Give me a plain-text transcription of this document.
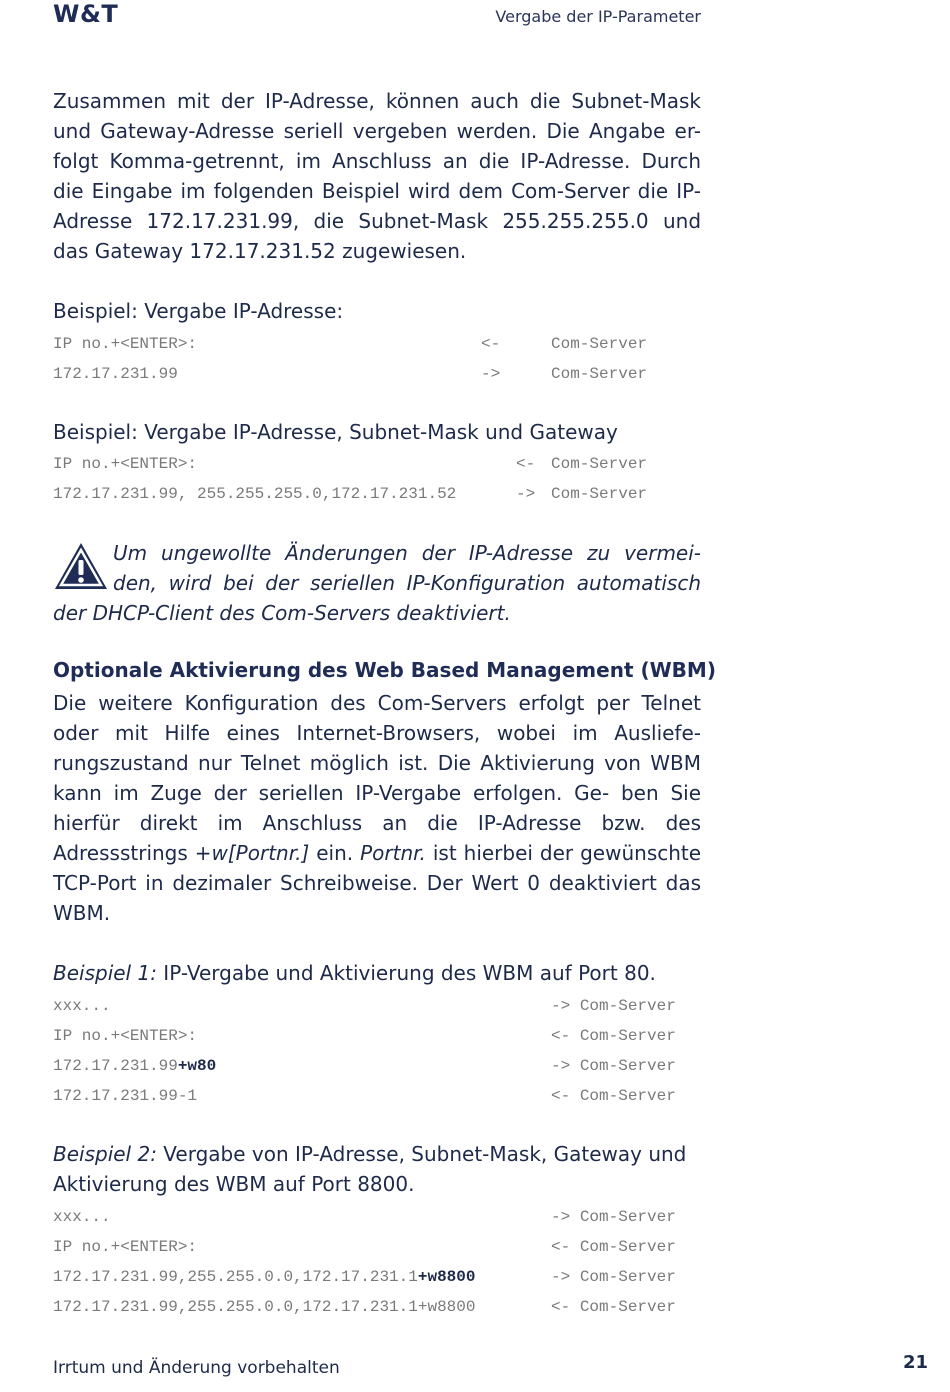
W&T	Vergabe der IP-Parameter
Zusammen mit der IP-Adresse, können auch die Subnet-Mask und Gateway-Adresse seriell vergeben werden. Die Angabe er- folgt Komma-getrennt, im Anschluss an die IP-Adresse. Durch die Eingabe im folgenden Beispiel wird dem Com-Server die IP-Adresse 172.17.231.99, die Subnet-Mask 255.255.255.0 und das Gateway 172.17.231.52 zugewiesen.
Beispiel: Vergabe IP-Adresse:
IP no.+<ENTER>:	<-	Com-Server
172.17.231.99	->	Com-Server
Beispiel: Vergabe IP-Adresse, Subnet-Mask und Gateway
IP no.+<ENTER>:	<- Com-Server
172.17.231.99, 255.255.255.0,172.17.231.52	-> Com-Server
Um ungewollte Änderungen der IP-Adresse zu vermei-
den, wird bei der seriellen IP-Konfiguration automatisch
der DHCP-Client des Com-Servers deaktiviert.
Optionale Aktivierung des Web Based Management (WBM)
Die weitere Konfiguration des Com-Servers erfolgt per Telnet oder mit Hilfe eines Internet-Browsers, wobei im Ausliefe- rungszustand nur Telnet möglich ist. Die Aktivierung von WBM kann im Zuge der seriellen IP-Vergabe erfolgen. Ge- ben Sie hierfür direkt im Anschluss an die IP-Adresse bzw. des Adressstrings +w[Portnr.] ein. Portnr. ist hierbei der gewünschte TCP-Port in dezimaler Schreibweise. Der Wert 0 deaktiviert das WBM.
Beispiel 1: IP-Vergabe und Aktivierung des WBM auf Port 80.
xxx...	-> Com-Server
IP no.+<ENTER>:	<- Com-Server
172.17.231.99+w80	-> Com-Server
172.17.231.99-1	<- Com-Server
Beispiel 2: Vergabe von IP-Adresse, Subnet-Mask, Gateway und
Aktivierung des WBM auf Port 8800.
xxx...	-> Com-Server
IP no.+<ENTER>:	<- Com-Server
172.17.231.99,255.255.0.0,172.17.231.1+w8800	-> Com-Server
172.17.231.99,255.255.0.0,172.17.231.1+w8800	<- Com-Server
Irrtum und Änderung vorbehalten	21
